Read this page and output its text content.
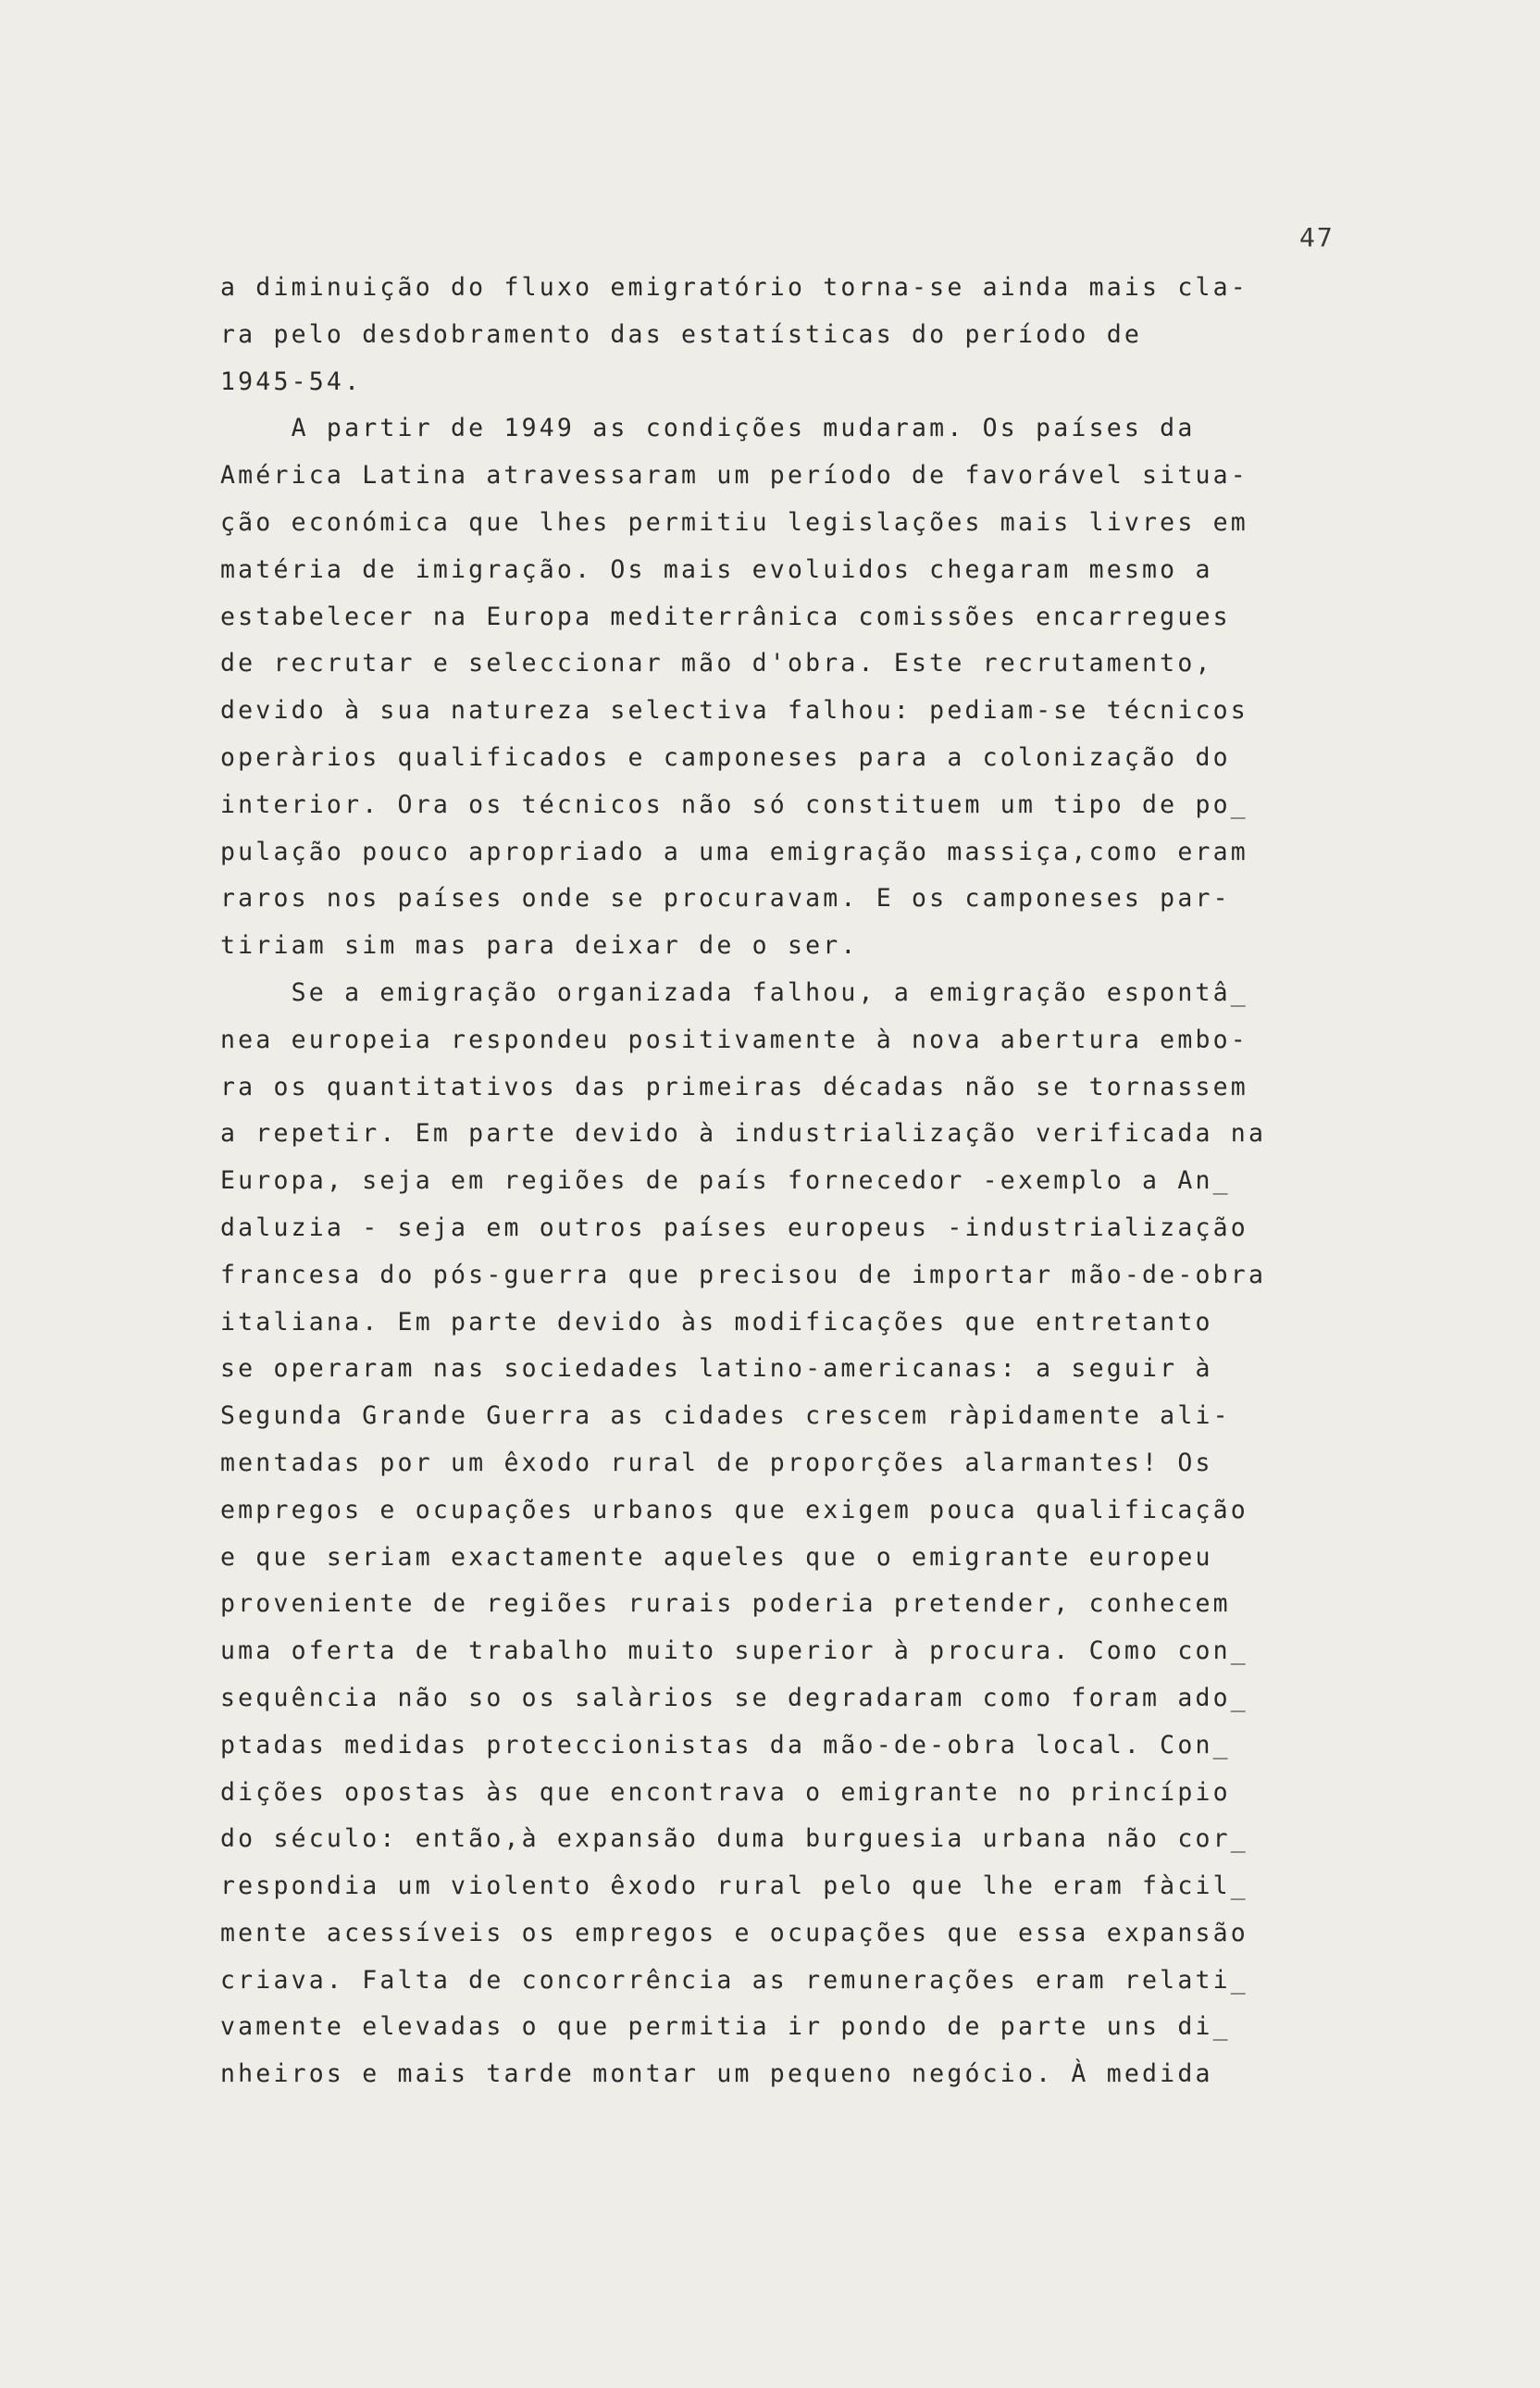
47
a diminuição do fluxo emigratório torna-se ainda mais cla-
ra pelo desdobramento das estatísticas do período de
1945-54.
A partir de 1949 as condições mudaram. Os países da
América Latina atravessaram um período de favorável situa-
ção económica que lhes permitiu legislações mais livres em
matéria de imigração. Os mais evoluidos chegaram mesmo a
estabelecer na Europa mediterrânica comissões encarregues
de recrutar e seleccionar mão d'obra. Este recrutamento,
devido à sua natureza selectiva falhou: pediam-se técnicos
operàrios qualificados e camponeses para a colonização do
interior. Ora os técnicos não só constituem um tipo de po_
pulação pouco apropriado a uma emigração massiça,como eram
raros nos países onde se procuravam. E os camponeses par-
tiriam sim mas para deixar de o ser.
Se a emigração organizada falhou, a emigração espontâ_
nea europeia respondeu positivamente à nova abertura embo-
ra os quantitativos das primeiras décadas não se tornassem
a repetir. Em parte devido à industrialização verificada na
Europa, seja em regiões de país fornecedor -exemplo a An_
daluzia - seja em outros países europeus -industrialização
francesa do pós-guerra que precisou de importar mão-de-obra
italiana. Em parte devido às modificações que entretanto
se operaram nas sociedades latino-americanas: a seguir à
Segunda Grande Guerra as cidades crescem ràpidamente ali-
mentadas por um êxodo rural de proporções alarmantes! Os
empregos e ocupações urbanos que exigem pouca qualificação
e que seriam exactamente aqueles que o emigrante europeu
proveniente de regiões rurais poderia pretender, conhecem
uma oferta de trabalho muito superior à procura. Como con_
sequência não so os salàrios se degradaram como foram ado_
ptadas medidas proteccionistas da mão-de-obra local. Con_
dições opostas às que encontrava o emigrante no princípio
do século: então,à expansão duma burguesia urbana não cor_
respondia um violento êxodo rural pelo que lhe eram fàcil_
mente acessíveis os empregos e ocupações que essa expansão
criava. Falta de concorrência as remunerações eram relati_
vamente elevadas o que permitia ir pondo de parte uns di_
nheiros e mais tarde montar um pequeno negócio. À medida
